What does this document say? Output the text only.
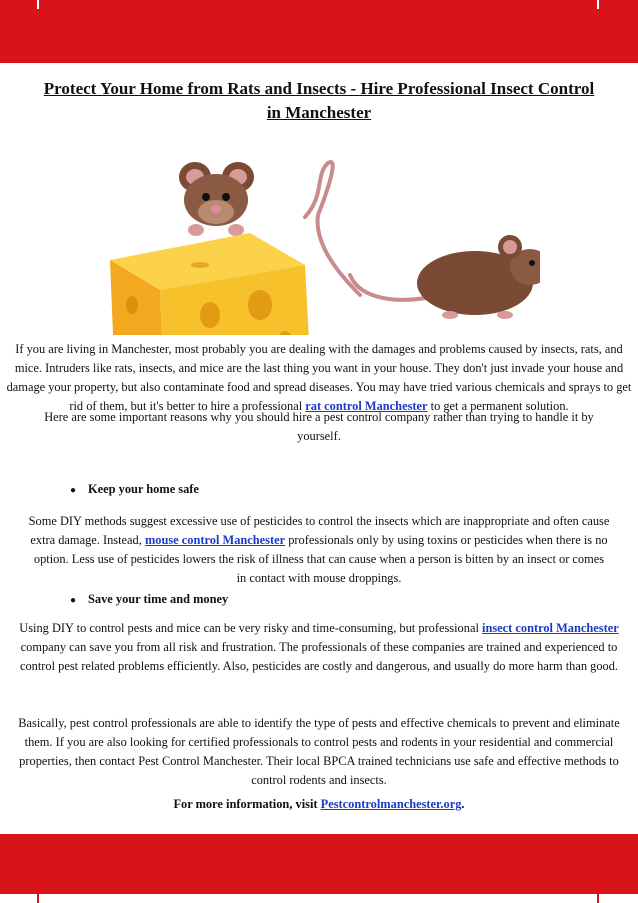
Protect Your Home from Rats and Insects - Hire Professional Insect Control in Manchester
If you are living in Manchester, most probably you are dealing with the damages and problems caused by insects, rats, and mice. Intruders like rats, insects, and mice are the last thing you want in your house. They don't just invade your house and damage your property, but also contaminate food and spread diseases. You may have tried various chemicals and sprays to get rid of them, but it's better to hire a professional rat control Manchester to get a permanent solution.
Here are some important reasons why you should hire a pest control company rather than trying to handle it by yourself.
● Keep your home safe
Some DIY methods suggest excessive use of pesticides to control the insects which are inappropriate and often cause extra damage. Instead, mouse control Manchester professionals only by using toxins or pesticides when there is no option. Less use of pesticides lowers the risk of illness that can cause when a person is bitten by an insect or comes in contact with mouse droppings.
● Save your time and money
Using DIY to control pests and mice can be very risky and time-consuming, but professional insect control Manchester company can save you from all risk and frustration. The professionals of these companies are trained and experienced to control pest related problems efficiently. Also, pesticides are costly and dangerous, and usually do more harm than good.
Basically, pest control professionals are able to identify the type of pests and effective chemicals to prevent and eliminate them. If you are also looking for certified professionals to control pests and rodents in your residential and commercial properties, then contact Pest Control Manchester. Their local BPCA trained technicians use safe and effective methods to control rodents and insects.
For more information, visit Pestcontrolmanchester.org.
